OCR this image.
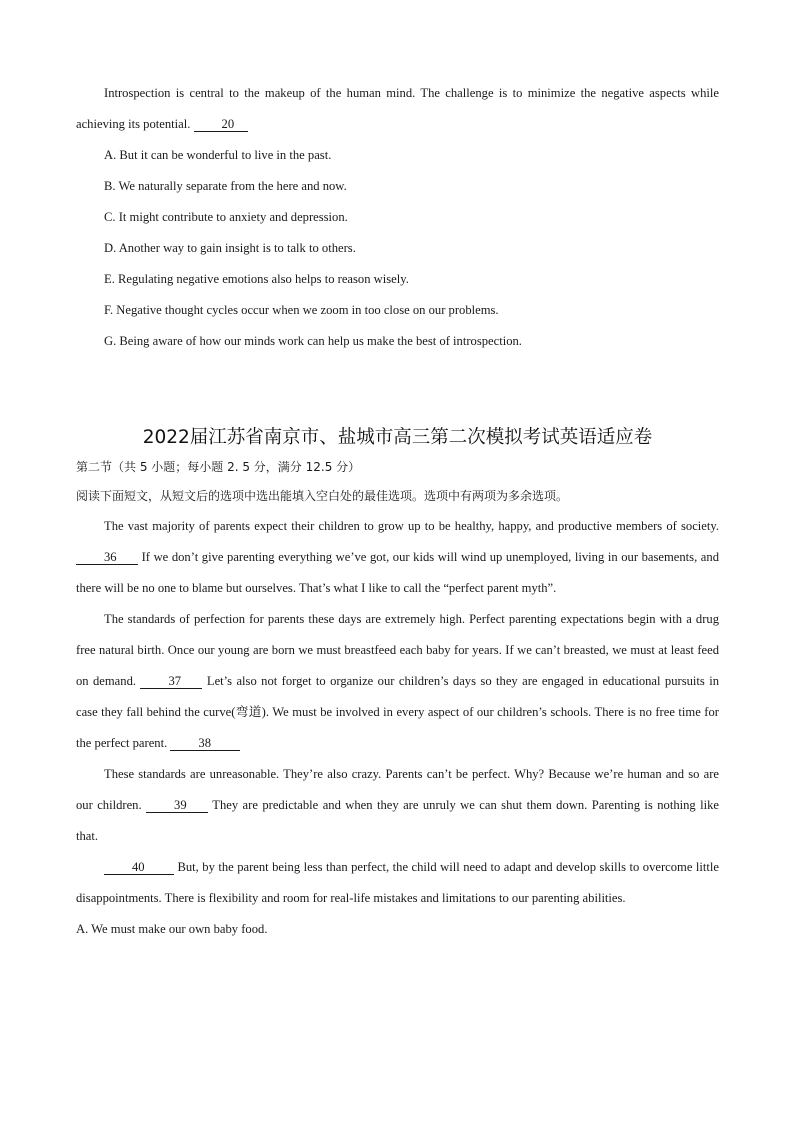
Introspection is central to the makeup of the human mind. The challenge is to minimize the negative aspects while achieving its potential. 20

A. But it can be wonderful to live in the past.

B. We naturally separate from the here and now.

C. It might contribute to anxiety and depression.

D. Another way to gain insight is to talk to others.

E. Regulating negative emotions also helps to reason wisely.

F. Negative thought cycles occur when we zoom in too close on our problems.

G. Being aware of how our minds work can help us make the best of introspection.

2022届江苏省南京市、盐城市高三第二次模拟考试英语适应卷

第二节（共 5 小题；每小题 2. 5 分，满分 12.5 分）

阅读下面短文，从短文后的选项中选出能填入空白处的最佳选项。选项中有两项为多余选项。

The vast majority of parents expect their children to grow up to be healthy, happy, and productive members of society. 36 If we don’t give parenting everything we’ve got, our kids will wind up unemployed, living in our basements, and there will be no one to blame but ourselves. That’s what I like to call the “perfect parent myth”.

The standards of perfection for parents these days are extremely high. Perfect parenting expectations begin with a drug free natural birth. Once our young are born we must breastfeed each baby for years. If we can’t breasted, we must at least feed on demand.	37 Let’s also not forget to organize our children’s days so they are engaged in educational pursuits in case they fall behind the curve(弯道). We must be involved in every aspect of our children’s schools. There is no free time for the perfect parent. 38

These standards are unreasonable. They’re also crazy. Parents can’t be perfect. Why? Because we’re human and so are our children.	39 They are predictable and when they are unruly we can shut them down. Parenting is nothing like that.

40	But, by the parent being less than perfect, the child will need to adapt and develop skills to overcome little disappointments. There is flexibility and room for real-life mistakes and limitations to our parenting abilities.

A. We must make our own baby food.
